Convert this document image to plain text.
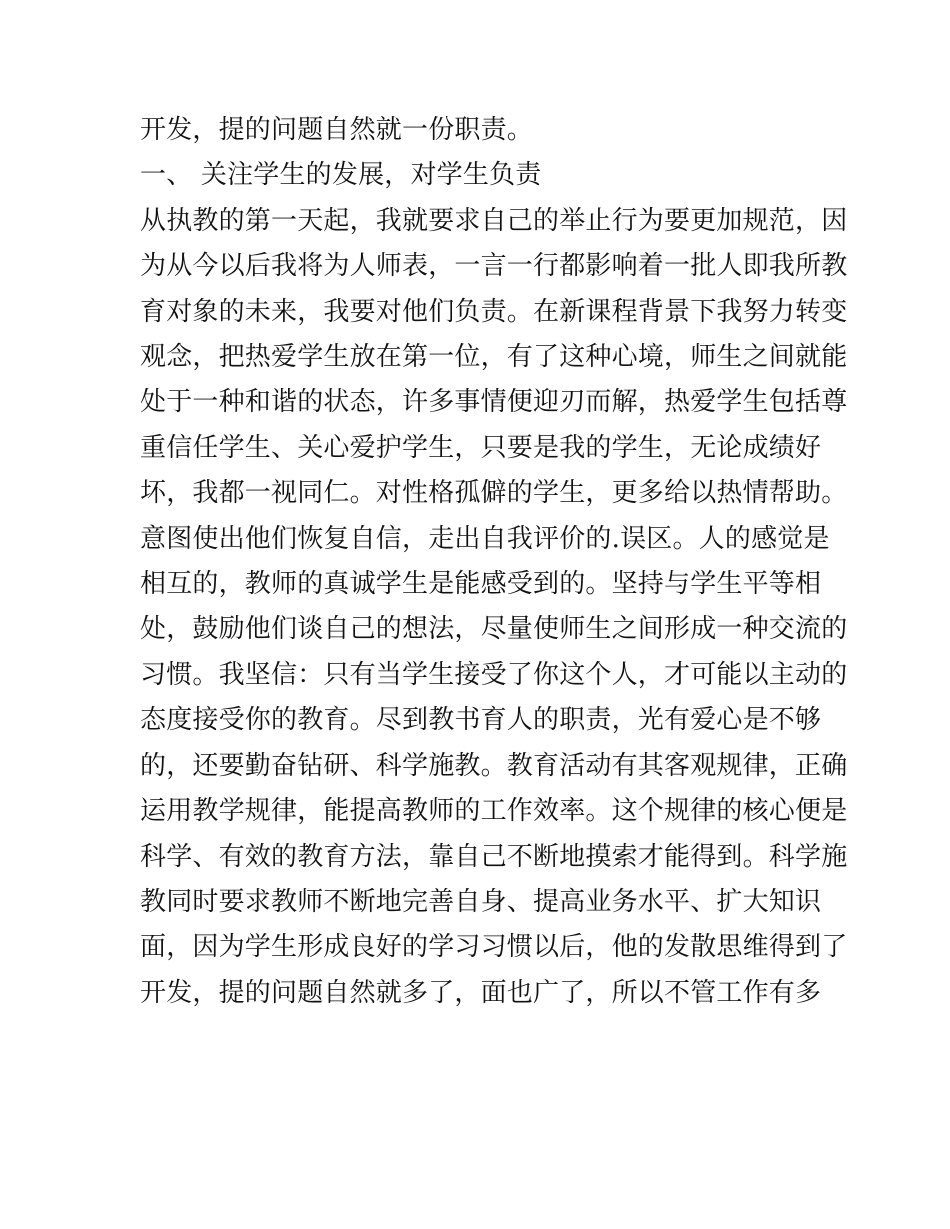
开发，提的问题自然就一份职责。
一、 关注学生的发展，对学生负责
从执教的第一天起，我就要求自己的举止行为要更加规范，因
为从今以后我将为人师表，一言一行都影响着一批人即我所教
育对象的未来，我要对他们负责。在新课程背景下我努力转变
观念，把热爱学生放在第一位，有了这种心境，师生之间就能
处于一种和谐的状态，许多事情便迎刃而解，热爱学生包括尊
重信任学生、关心爱护学生，只要是我的学生，无论成绩好
坏，我都一视同仁。对性格孤僻的学生，更多给以热情帮助。
意图使出他们恢复自信，走出自我评价的.误区。人的感觉是
相互的，教师的真诚学生是能感受到的。坚持与学生平等相
处，鼓励他们谈自己的想法，尽量使师生之间形成一种交流的
习惯。我坚信：只有当学生接受了你这个人，才可能以主动的
态度接受你的教育。尽到教书育人的职责，光有爱心是不够
的，还要勤奋钻研、科学施教。教育活动有其客观规律，正确
运用教学规律，能提高教师的工作效率。这个规律的核心便是
科学、有效的教育方法，靠自己不断地摸索才能得到。科学施
教同时要求教师不断地完善自身、提高业务水平、扩大知识
面，因为学生形成良好的学习习惯以后，他的发散思维得到了
开发，提的问题自然就多了，面也广了，所以不管工作有多
